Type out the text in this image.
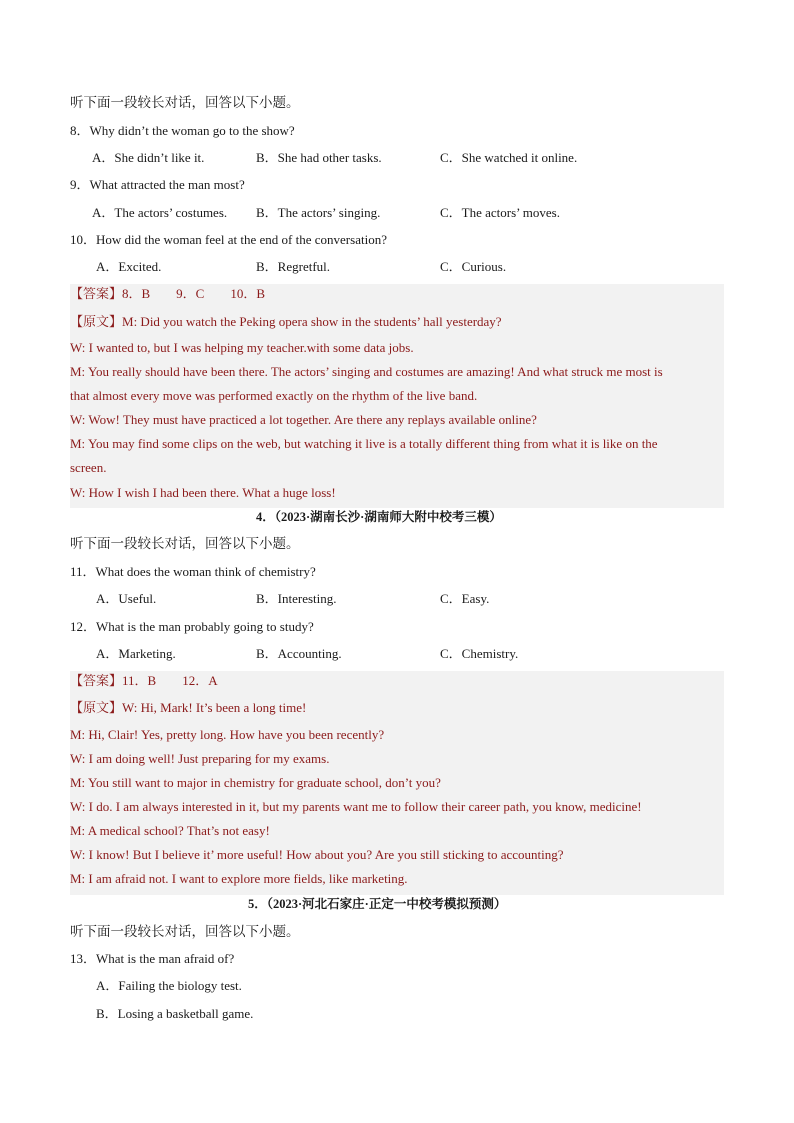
听下面一段较长对话，回答以下小题。
8．Why didn’t the woman go to the show?
A．She didn’t like it.	B．She had other tasks.	C．She watched it online.
9．What attracted the man most?
A．The actors’ costumes. B．The actors’ singing.	C．The actors’ moves.
10．How did the woman feel at the end of the conversation?
A．Excited.	B．Regretful.	C．Curious.
【答案】8．B　　9．C　　10．B
【原文】M: Did you watch the Peking opera show in the students’ hall yesterday?
W: I wanted to, but I was helping my teacher.with some data jobs.
M: You really should have been there. The actors’ singing and costumes are amazing! And what struck me most is
that almost every move was performed exactly on the rhythm of the live band.
W: Wow! They must have practiced a lot together. Are there any replays available online?
M: You may find some clips on the web, but watching it live is a totally different thing from what it is like on the
screen.
W: How I wish I had been there. What a huge loss!
4．（2023·湖南长沙·湖南师大附中校考三模）
听下面一段较长对话，回答以下小题。
11．What does the woman think of chemistry?
A．Useful.	B．Interesting.	C．Easy.
12．What is the man probably going to study?
A．Marketing.	B．Accounting.	C．Chemistry.
【答案】11．B　　12．A
【原文】W: Hi, Mark! It’s been a long time!
M: Hi, Clair! Yes, pretty long. How have you been recently?
W: I am doing well! Just preparing for my exams.
M: You still want to major in chemistry for graduate school, don’t you?
W: I do. I am always interested in it, but my parents want me to follow their career path, you know, medicine!
M: A medical school? That’s not easy!
W: I know! But I believe it’ more useful! How about you? Are you still sticking to accounting?
M: I am afraid not. I want to explore more fields, like marketing.
5．（2023·河北石家庄·正定一中校考模拟预测）
听下面一段较长对话，回答以下小题。
13．What is the man afraid of?
A．Failing the biology test.
B．Losing a basketball game.
